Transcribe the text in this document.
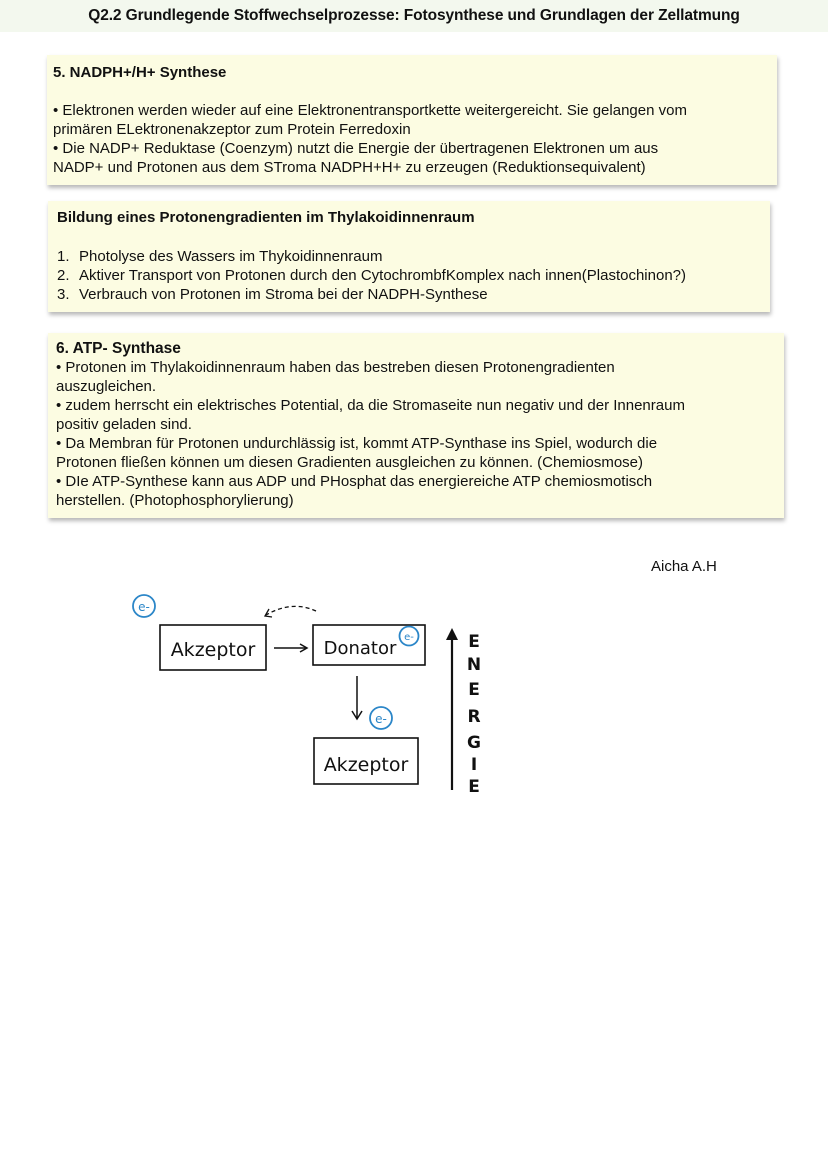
Q2.2 Grundlegende Stoffwechselprozesse: Fotosynthese und Grundlagen der Zellatmung
5. NADPH+/H+ Synthese
• Elektronen werden wieder auf eine Elektronentransportkette weitergereicht. Sie gelangen vom
primären ELektronenakzeptor zum Protein Ferredoxin
• Die NADP+ Reduktase (Coenzym) nutzt die Energie der übertragenen Elektronen um aus
NADP+ und Protonen aus dem STroma NADPH+H+ zu erzeugen (Reduktionsequivalent)
Bildung eines Protonengradienten im Thylakoidinnenraum
1. Photolyse des Wassers im Thykoidinnenraum
2. Aktiver Transport von Protonen durch den CytochrombfKomplex nach innen(Plastochinon?)
3. Verbrauch von Protonen im Stroma bei der NADPH-Synthese
6. ATP- Synthase
• Protonen im Thylakoidinnenraum haben das bestreben diesen Protonengradienten
auszugleichen.
• zudem herrscht ein elektrisches Potential, da die Stromaseite nun negativ und der Innenraum
positiv geladen sind.
• Da Membran für Protonen undurchlässig ist, kommt ATP-Synthase ins Spiel, wodurch die
Protonen fließen können um diesen Gradienten ausgleichen zu können. (Chemiosmose)
• DIe ATP-Synthese kann aus ADP und PHosphat das energiereiche ATP chemiosmotisch
herstellen. (Photophosphorylierung)
Aicha A.H
e-
Akzeptor	Donator
e-
e-
Akzeptor
E
N
E
R
G
I
E
